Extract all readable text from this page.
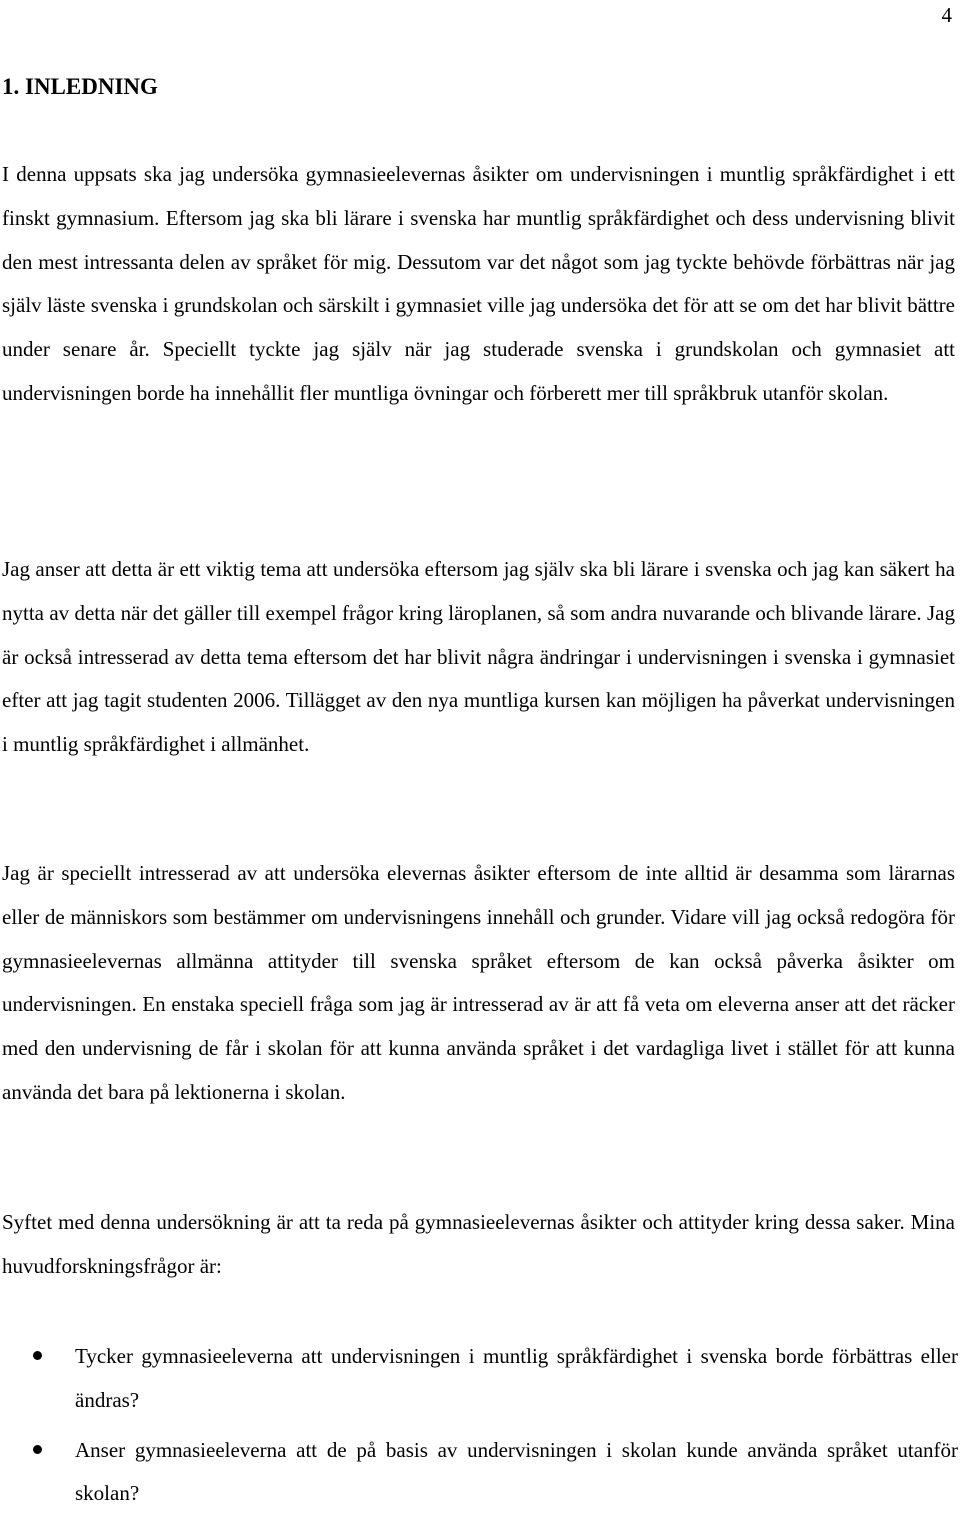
4
1. INLEDNING

I denna uppsats ska jag undersöka gymnasieelevernas åsikter om undervisningen i muntlig språkfärdighet i ett finskt gymnasium. Eftersom jag ska bli lärare i svenska har muntlig språkfärdighet och dess undervisning blivit den mest intressanta delen av språket för mig. Dessutom var det något som jag tyckte behövde förbättras när jag själv läste svenska i grundskolan och särskilt i gymnasiet ville jag undersöka det för att se om det har blivit bättre under senare år. Speciellt tyckte jag själv när jag studerade svenska i grundskolan och gymnasiet att undervisningen borde ha innehållit fler muntliga övningar och förberett mer till språkbruk utanför skolan.

Jag anser att detta är ett viktig tema att undersöka eftersom jag själv ska bli lärare i svenska och jag kan säkert ha nytta av detta när det gäller till exempel frågor kring läroplanen, så som andra nuvarande och blivande lärare. Jag är också intresserad av detta tema eftersom det har blivit några ändringar i undervisningen i svenska i gymnasiet efter att jag tagit studenten 2006. Tillägget av den nya muntliga kursen kan möjligen ha påverkat undervisningen i muntlig språkfärdighet i allmänhet.

Jag är speciellt intresserad av att undersöka elevernas åsikter eftersom de inte alltid är desamma som lärarnas eller de människors som bestämmer om undervisningens innehåll och grunder. Vidare vill jag också redogöra för gymnasieelevernas allmänna attityder till svenska språket eftersom de kan också påverka åsikter om undervisningen. En enstaka speciell fråga som jag är intresserad av är att få veta om eleverna anser att det räcker med den undervisning de får i skolan för att kunna använda språket i det vardagliga livet i stället för att kunna använda det bara på lektionerna i skolan.

Syftet med denna undersökning är att ta reda på gymnasieelevernas åsikter och attityder kring dessa saker. Mina huvudforskningsfrågor är:

Tycker gymnasieeleverna att undervisningen i muntlig språkfärdighet i svenska borde förbättras eller ändras?
Anser gymnasieeleverna att de på basis av undervisningen i skolan kunde använda språket utanför skolan?
